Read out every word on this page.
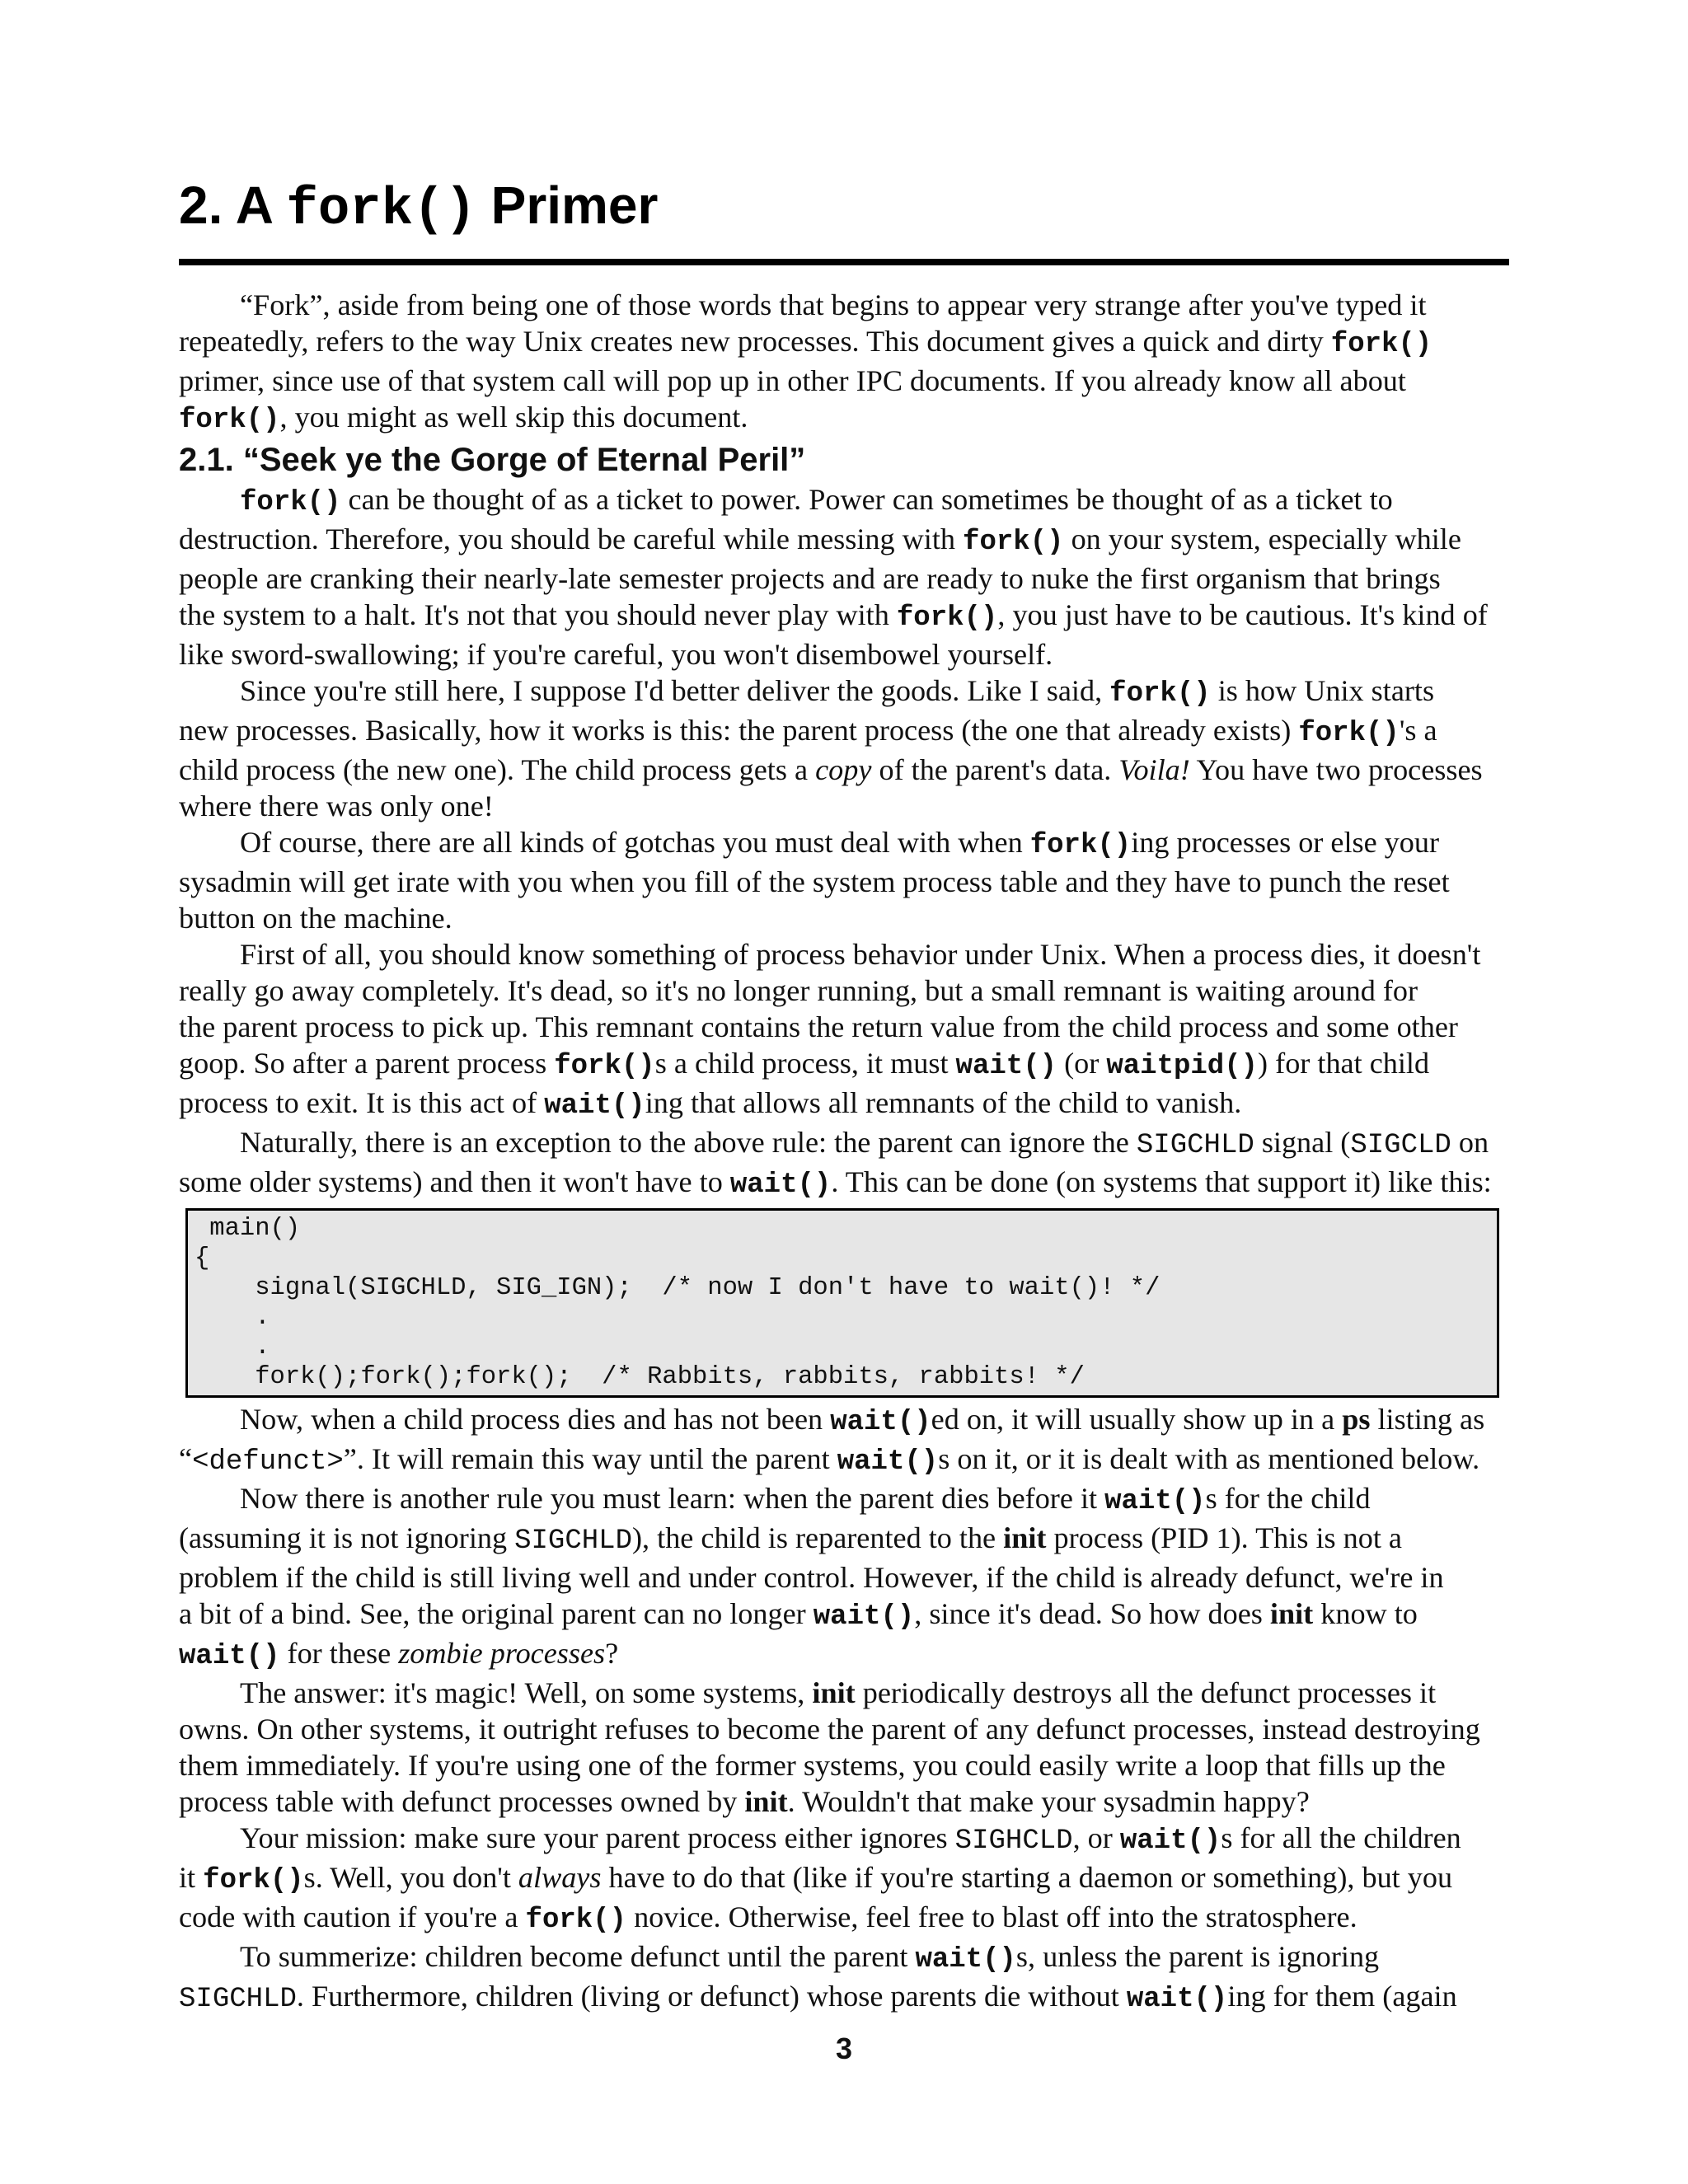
2. A fork() Primer

“Fork”, aside from being one of those words that begins to appear very strange after you've typed it
repeatedly, refers to the way Unix creates new processes. This document gives a quick and dirty fork()
primer, since use of that system call will pop up in other IPC documents. If you already know all about
fork(), you might as well skip this document.

2.1. “Seek ye the Gorge of Eternal Peril”

fork() can be thought of as a ticket to power. Power can sometimes be thought of as a ticket to
destruction. Therefore, you should be careful while messing with fork() on your system, especially while
people are cranking their nearly-late semester projects and are ready to nuke the first organism that brings
the system to a halt. It's not that you should never play with fork(), you just have to be cautious. It's kind of
like sword-swallowing; if you're careful, you won't disembowel yourself.

Since you're still here, I suppose I'd better deliver the goods. Like I said, fork() is how Unix starts
new processes. Basically, how it works is this: the parent process (the one that already exists) fork()'s a
child process (the new one). The child process gets a copy of the parent's data. Voila! You have two processes
where there was only one!

Of course, there are all kinds of gotchas you must deal with when fork()ing processes or else your
sysadmin will get irate with you when you fill of the system process table and they have to punch the reset
button on the machine.

First of all, you should know something of process behavior under Unix. When a process dies, it doesn't
really go away completely. It's dead, so it's no longer running, but a small remnant is waiting around for
the parent process to pick up. This remnant contains the return value from the child process and some other
goop. So after a parent process fork()s a child process, it must wait() (or waitpid()) for that child
process to exit. It is this act of wait()ing that allows all remnants of the child to vanish.

Naturally, there is an exception to the above rule: the parent can ignore the SIGCHLD signal (SIGCLD on
some older systems) and then it won't have to wait(). This can be done (on systems that support it) like this:

main()
{
signal(SIGCHLD, SIG_IGN);  /* now I don't have to wait()! */
.
.
fork();fork();fork();  /* Rabbits, rabbits, rabbits! */

Now, when a child process dies and has not been wait()ed on, it will usually show up in a ps listing as
“<defunct>”. It will remain this way until the parent wait()s on it, or it is dealt with as mentioned below.

Now there is another rule you must learn: when the parent dies before it wait()s for the child
(assuming it is not ignoring SIGCHLD), the child is reparented to the init process (PID 1). This is not a
problem if the child is still living well and under control. However, if the child is already defunct, we're in
a bit of a bind. See, the original parent can no longer wait(), since it's dead. So how does init know to
wait() for these zombie processes?

The answer: it's magic! Well, on some systems, init periodically destroys all the defunct processes it
owns. On other systems, it outright refuses to become the parent of any defunct processes, instead destroying
them immediately. If you're using one of the former systems, you could easily write a loop that fills up the
process table with defunct processes owned by init. Wouldn't that make your sysadmin happy?

Your mission: make sure your parent process either ignores SIGHCLD, or wait()s for all the children
it fork()s. Well, you don't always have to do that (like if you're starting a daemon or something), but you
code with caution if you're a fork() novice. Otherwise, feel free to blast off into the stratosphere.

To summerize: children become defunct until the parent wait()s, unless the parent is ignoring
SIGCHLD. Furthermore, children (living or defunct) whose parents die without wait()ing for them (again

3
